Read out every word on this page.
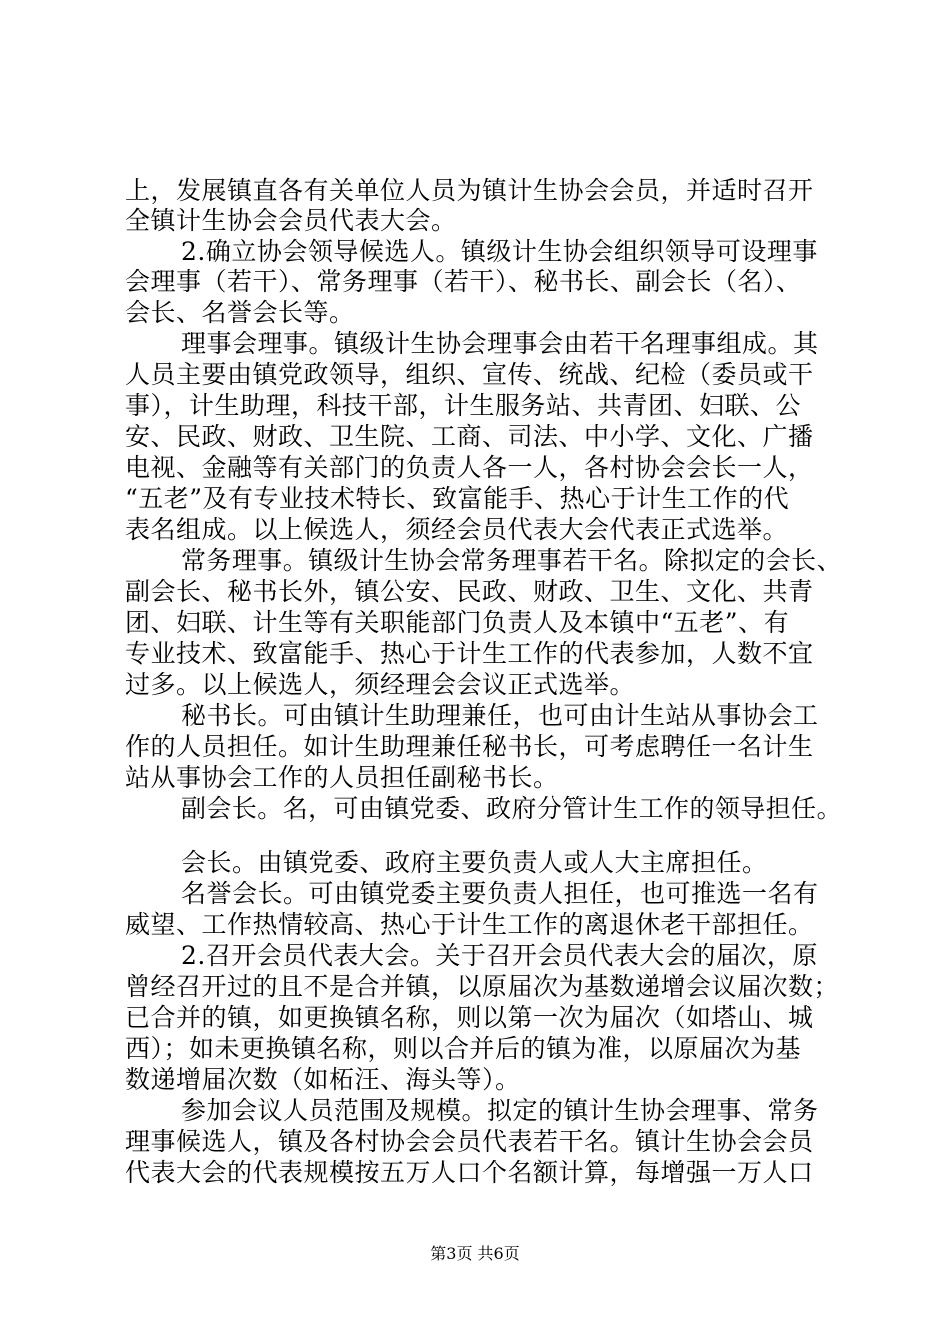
上，发展镇直各有关单位人员为镇计生协会会员，并适时召开
全镇计生协会会员代表大会。
2.确立协会领导候选人。镇级计生协会组织领导可设理事
会理事（若干）、常务理事（若干）、秘书长、副会长（名）、
会长、名誉会长等。
理事会理事。镇级计生协会理事会由若干名理事组成。其
人员主要由镇党政领导，组织、宣传、统战、纪检（委员或干
事），计生助理，科技干部，计生服务站、共青团、妇联、公
安、民政、财政、卫生院、工商、司法、中小学、文化、广播
电视、金融等有关部门的负责人各一人，各村协会会长一人，
“五老”及有专业技术特长、致富能手、热心于计生工作的代
表名组成。以上候选人，须经会员代表大会代表正式选举。
常务理事。镇级计生协会常务理事若干名。除拟定的会长、
副会长、秘书长外，镇公安、民政、财政、卫生、文化、共青
团、妇联、计生等有关职能部门负责人及本镇中“五老”、有
专业技术、致富能手、热心于计生工作的代表参加，人数不宜
过多。以上候选人，须经理会会议正式选举。
秘书长。可由镇计生助理兼任，也可由计生站从事协会工
作的人员担任。如计生助理兼任秘书长，可考虑聘任一名计生
站从事协会工作的人员担任副秘书长。
副会长。名，可由镇党委、政府分管计生工作的领导担任。
会长。由镇党委、政府主要负责人或人大主席担任。
名誉会长。可由镇党委主要负责人担任，也可推选一名有
威望、工作热情较高、热心于计生工作的离退休老干部担任。
2.召开会员代表大会。关于召开会员代表大会的届次，原
曾经召开过的且不是合并镇，以原届次为基数递增会议届次数；
已合并的镇，如更换镇名称，则以第一次为届次（如塔山、城
西）；如未更换镇名称，则以合并后的镇为准，以原届次为基
数递增届次数（如柘汪、海头等）。
参加会议人员范围及规模。拟定的镇计生协会理事、常务
理事候选人，镇及各村协会会员代表若干名。镇计生协会会员
代表大会的代表规模按五万人口个名额计算，每增强一万人口
第3页 共6页
